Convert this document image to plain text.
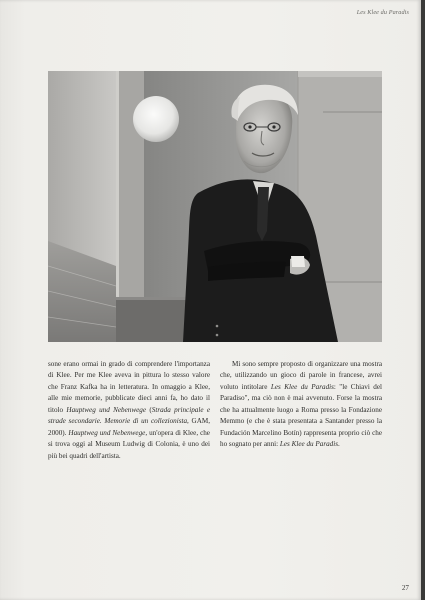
Les Klee du Paradis

sone erano ormai in grado di comprendere l'importanza di Klee. Per me Klee aveva in pittura lo stesso valore che Franz Kafka ha in letteratura. In omaggio a Klee, alle mie memorie, pubblicate dieci anni fa, ho dato il titolo Hauptweg und Nebenwege (Strada principale e strade secondarie. Memorie di un collezionista, GAM, 2000). Hauptweg und Nebenwege, un'opera di Klee, che si trova oggi al Museum Ludwig di Colonia, è uno dei più bei quadri dell'artista.

Mi sono sempre proposto di organizzare una mostra che, utilizzando un gioco di parole in francese, avrei voluto intitolare Les Klee du Paradis: "le Chiavi del Paradiso", ma ciò non è mai avvenuto. Forse la mostra che ha attualmente luogo a Roma presso la Fondazione Memmo (e che è stata presentata a Santander presso la Fundación Marcelino Botín) rappresenta proprio ciò che ho sognato per anni: Les Klee du Paradis.

27
